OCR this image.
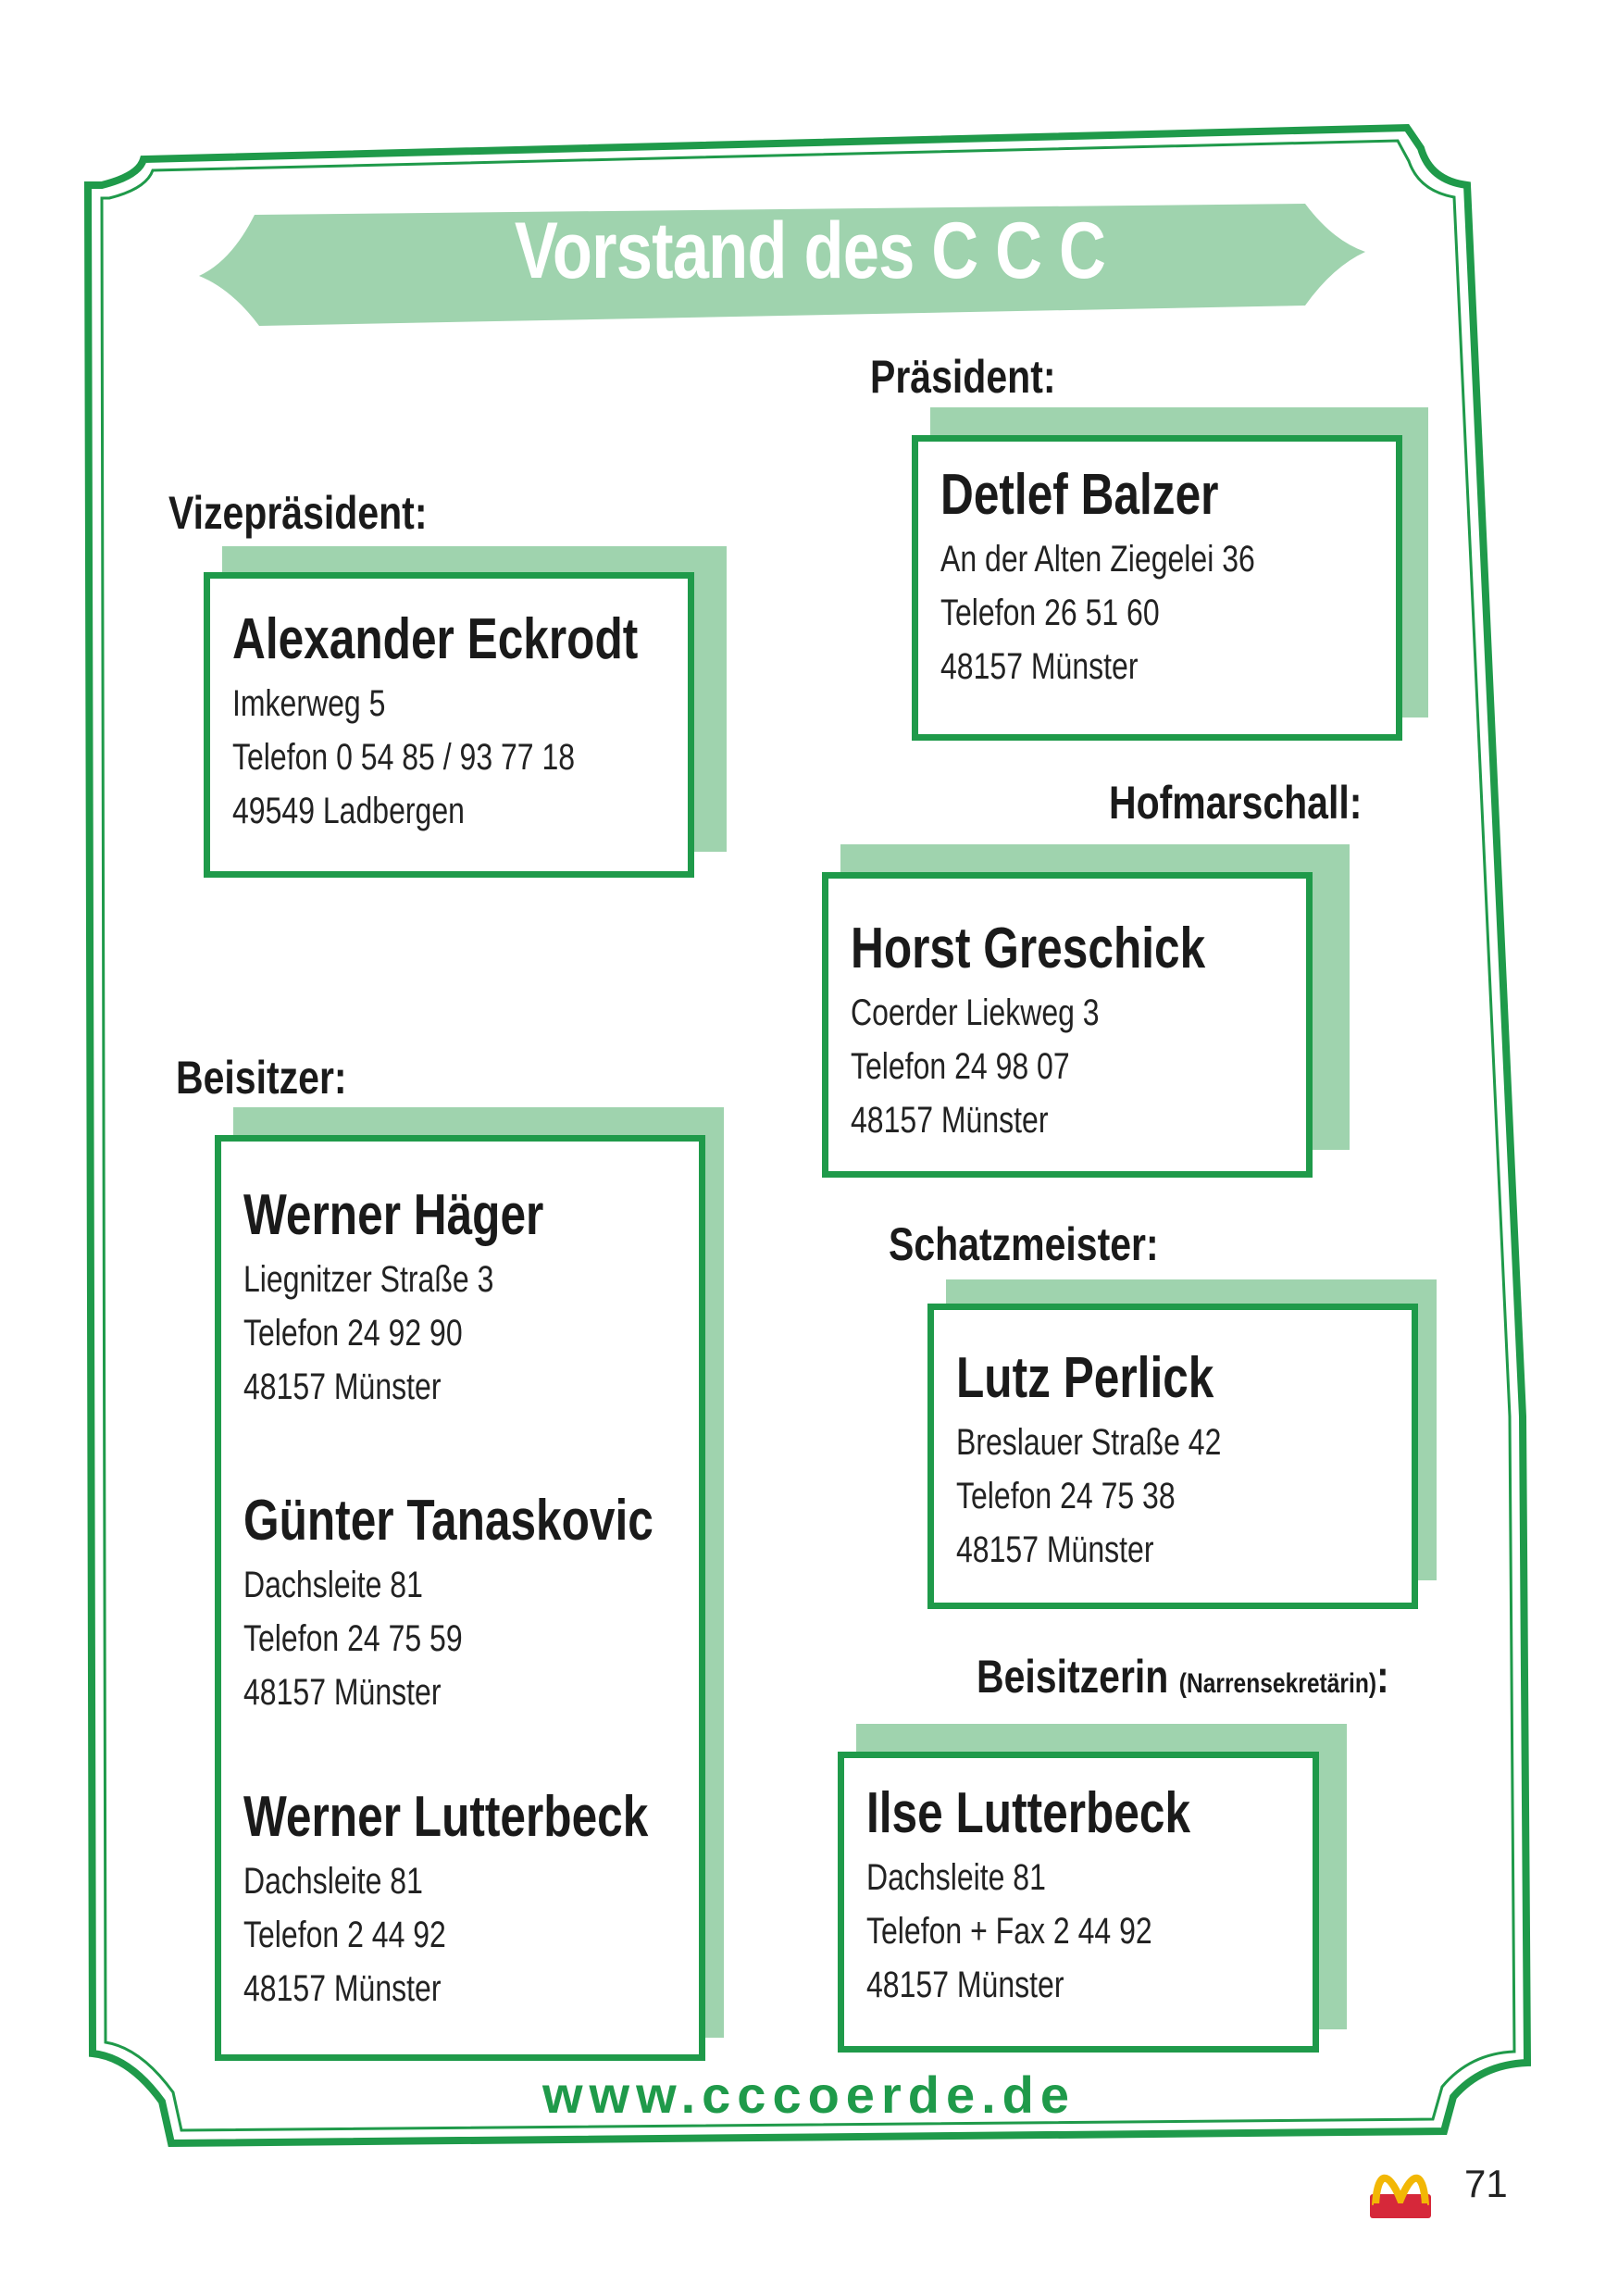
Vorstand des C C C
Präsident:
Detlef Balzer
An der Alten Ziegelei 36
Telefon 26 51 60
48157 Münster
Vizepräsident:
Alexander Eckrodt
Imkerweg 5
Telefon 0 54 85 / 93 77 18
49549 Ladbergen	Hofmarschall:
Horst Greschick
Coerder Liekweg 3
Telefon 24 98 07
48157 Münster
Beisitzer:
Werner Häger
Liegnitzer Straße 3
Telefon 24 92 90
48157 Münster
Günter Tanaskovic
Dachsleite 81
Telefon 24 75 59
48157 Münster
Werner Lutterbeck
Dachsleite 81
Telefon 2 44 92
48157 Münster
Schatzmeister:
Lutz Perlick
Breslauer Straße 42
Telefon 24 75 38
48157 Münster
Beisitzerin (Narrensekretärin):
Ilse Lutterbeck
Dachsleite 81
Telefon + Fax 2 44 92
48157 Münster
www.cccoerde.de
71
